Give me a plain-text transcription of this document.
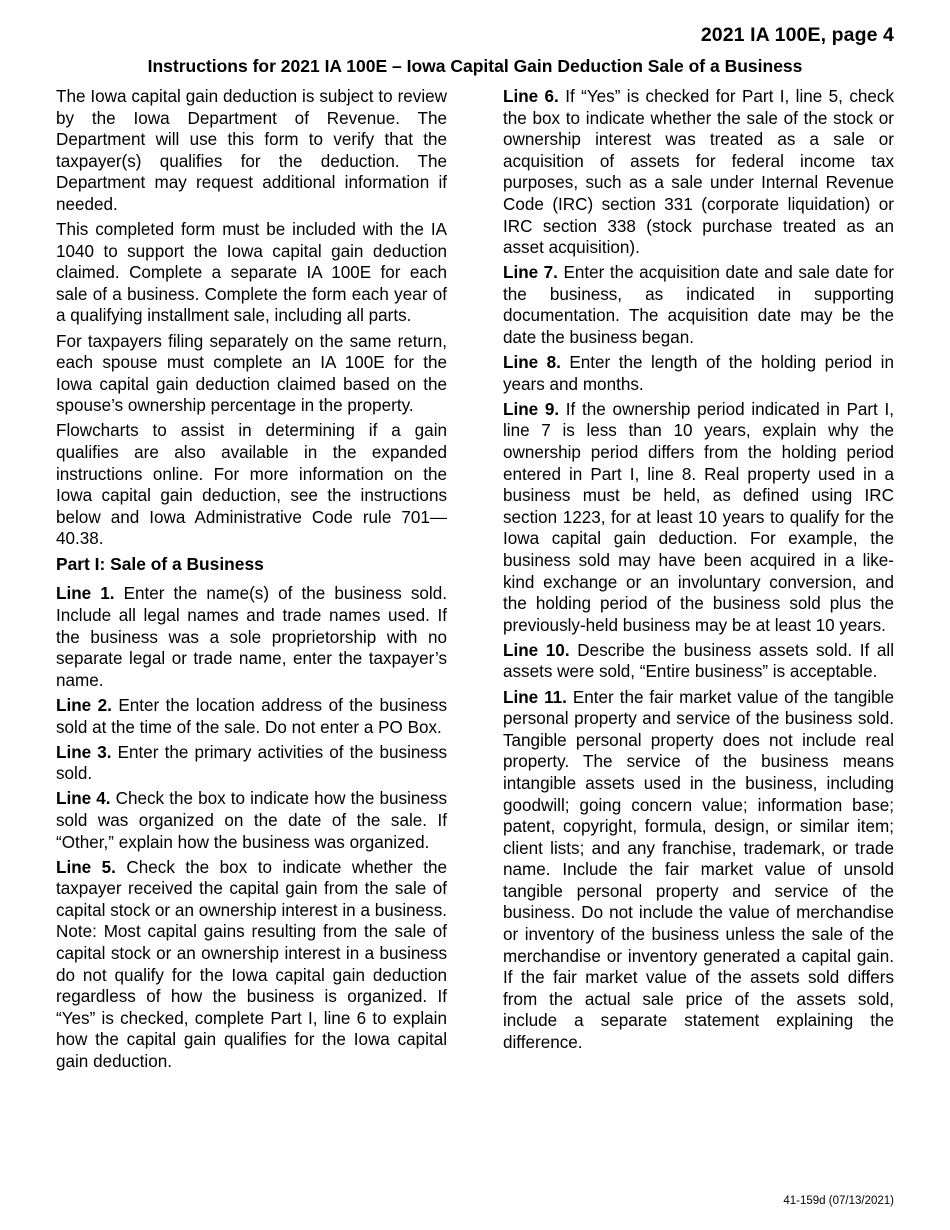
2021 IA 100E, page 4
Instructions for 2021 IA 100E – Iowa Capital Gain Deduction Sale of a Business

The Iowa capital gain deduction is subject to review by the Iowa Department of Revenue. The Department will use this form to verify that the taxpayer(s) qualifies for the deduction. The Department may request additional information if needed.

This completed form must be included with the IA 1040 to support the Iowa capital gain deduction claimed. Complete a separate IA 100E for each sale of a business. Complete the form each year of a qualifying installment sale, including all parts.

For taxpayers filing separately on the same return, each spouse must complete an IA 100E for the Iowa capital gain deduction claimed based on the spouse’s ownership percentage in the property.

Flowcharts to assist in determining if a gain qualifies are also available in the expanded instructions online. For more information on the Iowa capital gain deduction, see the instructions below and Iowa Administrative Code rule 701—40.38.

Part I: Sale of a Business

Line 1. Enter the name(s) of the business sold. Include all legal names and trade names used. If the business was a sole proprietorship with no separate legal or trade name, enter the taxpayer’s name.

Line 2. Enter the location address of the business sold at the time of the sale. Do not enter a PO Box.

Line 3. Enter the primary activities of the business sold.

Line 4. Check the box to indicate how the business sold was organized on the date of the sale. If “Other,” explain how the business was organized.

Line 5. Check the box to indicate whether the taxpayer received the capital gain from the sale of capital stock or an ownership interest in a business. Note: Most capital gains resulting from the sale of capital stock or an ownership interest in a business do not qualify for the Iowa capital gain deduction regardless of how the business is organized. If “Yes” is checked, complete Part I, line 6 to explain how the capital gain qualifies for the Iowa capital gain deduction.

Line 6. If “Yes” is checked for Part I, line 5, check the box to indicate whether the sale of the stock or ownership interest was treated as a sale or acquisition of assets for federal income tax purposes, such as a sale under Internal Revenue Code (IRC) section 331 (corporate liquidation) or IRC section 338 (stock purchase treated as an asset acquisition).

Line 7. Enter the acquisition date and sale date for the business, as indicated in supporting documentation. The acquisition date may be the date the business began.

Line 8. Enter the length of the holding period in years and months.

Line 9. If the ownership period indicated in Part I, line 7 is less than 10 years, explain why the ownership period differs from the holding period entered in Part I, line 8. Real property used in a business must be held, as defined using IRC section 1223, for at least 10 years to qualify for the Iowa capital gain deduction. For example, the business sold may have been acquired in a like-kind exchange or an involuntary conversion, and the holding period of the business sold plus the previously-held business may be at least 10 years.

Line 10. Describe the business assets sold. If all assets were sold, “Entire business” is acceptable.

Line 11. Enter the fair market value of the tangible personal property and service of the business sold. Tangible personal property does not include real property. The service of the business means intangible assets used in the business, including goodwill; going concern value; information base; patent, copyright, formula, design, or similar item; client lists; and any franchise, trademark, or trade name. Include the fair market value of unsold tangible personal property and service of the business. Do not include the value of merchandise or inventory of the business unless the sale of the merchandise or inventory generated a capital gain. If the fair market value of the assets sold differs from the actual sale price of the assets sold, include a separate statement explaining the difference.

41-159d (07/13/2021)
